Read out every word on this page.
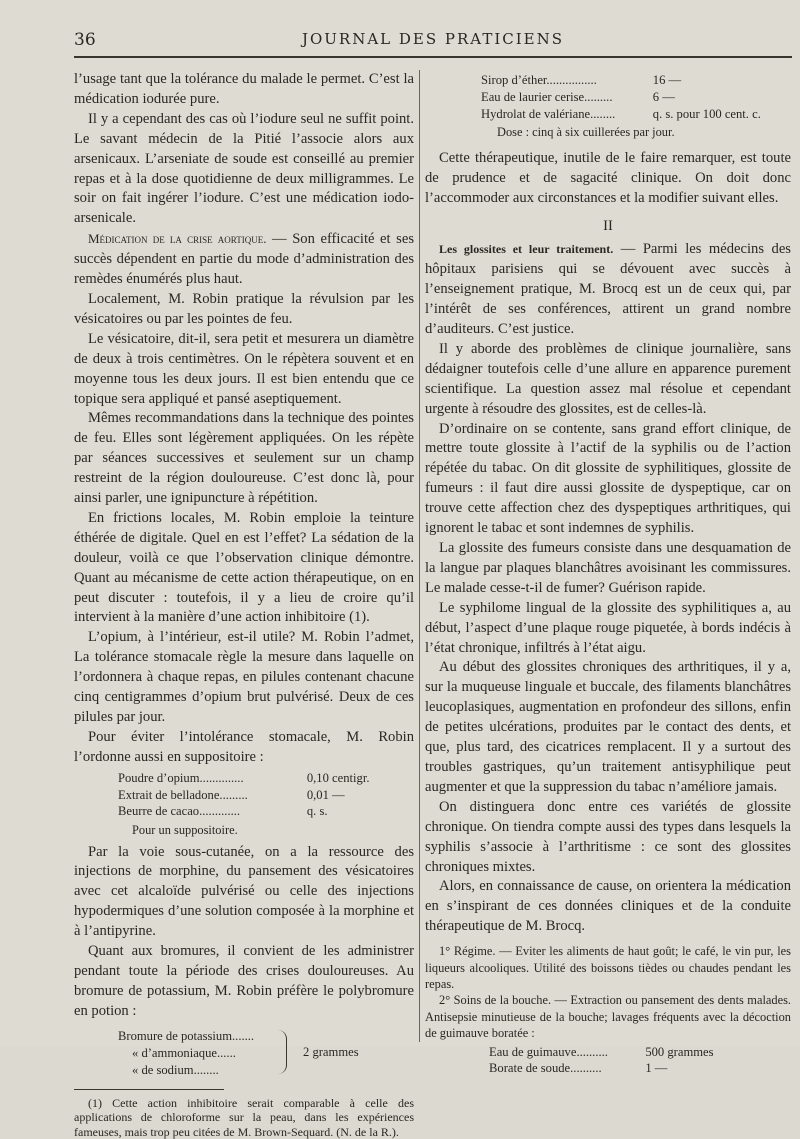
36	JOURNAL DES PRATICIENS

l’usage tant que la tolérance du malade le permet. C’est la médication iodurée pure.

Il y a cependant des cas où l’iodure seul ne suffit point. Le savant médecin de la Pitié l’associe alors aux arsenicaux. L’arseniate de soude est conseillé au premier repas et à la dose quotidienne de deux milligrammes. Le soir on fait ingérer l’iodure. C’est une médication iodo-arsenicale.

Médication de la crise aortique. — Son efficacité et ses succès dépendent en partie du mode d’administration des remèdes énumérés plus haut.

Localement, M. Robin pratique la révulsion par les vésicatoires ou par les pointes de feu.

Le vésicatoire, dit-il, sera petit et mesurera un diamètre de deux à trois centimètres. On le répètera souvent et en moyenne tous les deux jours. Il est bien entendu que ce topique sera appliqué et pansé aseptiquement.

Mêmes recommandations dans la technique des pointes de feu. Elles sont légèrement appliquées. On les répète par séances successives et seulement sur un champ restreint de la région douloureuse. C’est donc là, pour ainsi parler, une ignipuncture à répétition.

En frictions locales, M. Robin emploie la teinture éthérée de digitale. Quel en est l’effet? La sédation de la douleur, voilà ce que l’observation clinique démontre. Quant au mécanisme de cette action thérapeutique, on en peut discuter : toutefois, il y a lieu de croire qu’il intervient à la manière d’une action inhibitoire (1).

L’opium, à l’intérieur, est-il utile? M. Robin l’admet, La tolérance stomacale règle la mesure dans laquelle on l’ordonnera à chaque repas, en pilules contenant chacune cinq centigrammes d’opium brut pulvérisé. Deux de ces pilules par jour.

Pour éviter l’intolérance stomacale, M. Robin l’ordonne aussi en suppositoire :

Poudre d’opium..............	0,10 centigr.
Extrait de belladone.........	0,01 —
Beurre de cacao.............	q. s.

Pour un suppositoire.

Par la voie sous-cutanée, on a la ressource des injections de morphine, du pansement des vésicatoires avec cet alcaloïde pulvérisé ou celle des injections hypodermiques d’une solution composée à la morphine et à l’antipyrine.

Quant aux bromures, il convient de les administrer pendant toute la période des crises douloureuses. Au bromure de potassium, M. Robin préfère le polybromure en potion :

Bromure de potassium.......
« d’ammoniaque......
« de sodium........
2 grammes

(1) Cette action inhibitoire serait comparable à celle des applications de chloroforme sur la peau, dans les expériences fameuses, mais trop peu citées de M. Brown-Sequard. (N. de la R.).

Sirop d’éther................	16 —
Eau de laurier cerise.........	6 —
Hydrolat de valériane........	q. s. pour 100 cent. c.

Dose : cinq à six cuillerées par jour.

Cette thérapeutique, inutile de le faire remarquer, est toute de prudence et de sagacité clinique. On doit donc l’accommoder aux circonstances et la modifier suivant elles.

II

Les glossites et leur traitement. — Parmi les médecins des hôpitaux parisiens qui se dévouent avec succès à l’enseignement pratique, M. Brocq est un de ceux qui, par l’intérêt de ses conférences, attirent un grand nombre d’auditeurs. C’est justice.

Il y aborde des problèmes de clinique journalière, sans dédaigner toutefois celle d’une allure en apparence purement scientifique. La question assez mal résolue et cependant urgente à résoudre des glossites, est de celles-là.

D’ordinaire on se contente, sans grand effort clinique, de mettre toute glossite à l’actif de la syphilis ou de l’action répétée du tabac. On dit glossite de syphilitiques, glossite de fumeurs : il faut dire aussi glossite de dyspeptique, car on trouve cette affection chez des dyspeptiques arthritiques, qui ignorent le tabac et sont indemnes de syphilis.

La glossite des fumeurs consiste dans une desquamation de la langue par plaques blanchâtres avoisinant les commissures. Le malade cesse-t-il de fumer? Guérison rapide.

Le syphilome lingual de la glossite des syphilitiques a, au début, l’aspect d’une plaque rouge piquetée, à bords indécis à l’état chronique, infiltrés à l’état aigu.

Au début des glossites chroniques des arthritiques, il y a, sur la muqueuse linguale et buccale, des filaments blanchâtres leucoplasiques, augmentation en profondeur des sillons, enfin de petites ulcérations, produites par le contact des dents, et que, plus tard, des cicatrices remplacent. Il y a surtout des troubles gastriques, qu’un traitement antisyphilique peut augmenter et que la suppression du tabac n’améliore jamais.

On distinguera donc entre ces variétés de glossite chronique. On tiendra compte aussi des types dans lesquels la syphilis s’associe à l’arthritisme : ce sont des glossites chroniques mixtes.

Alors, en connaissance de cause, on orientera la médication en s’inspirant de ces données cliniques et de la conduite thérapeutique de M. Brocq.

1° Régime. — Eviter les aliments de haut goût; le café, le vin pur, les liqueurs alcooliques. Utilité des boissons tièdes ou chaudes pendant les repas.

2° Soins de la bouche. — Extraction ou pansement des dents malades. Antisepsie minutieuse de la bouche; lavages fréquents avec la décoction de guimauve boratée :

Eau de guimauve..........	500 grammes
Borate de soude..........	1 —
